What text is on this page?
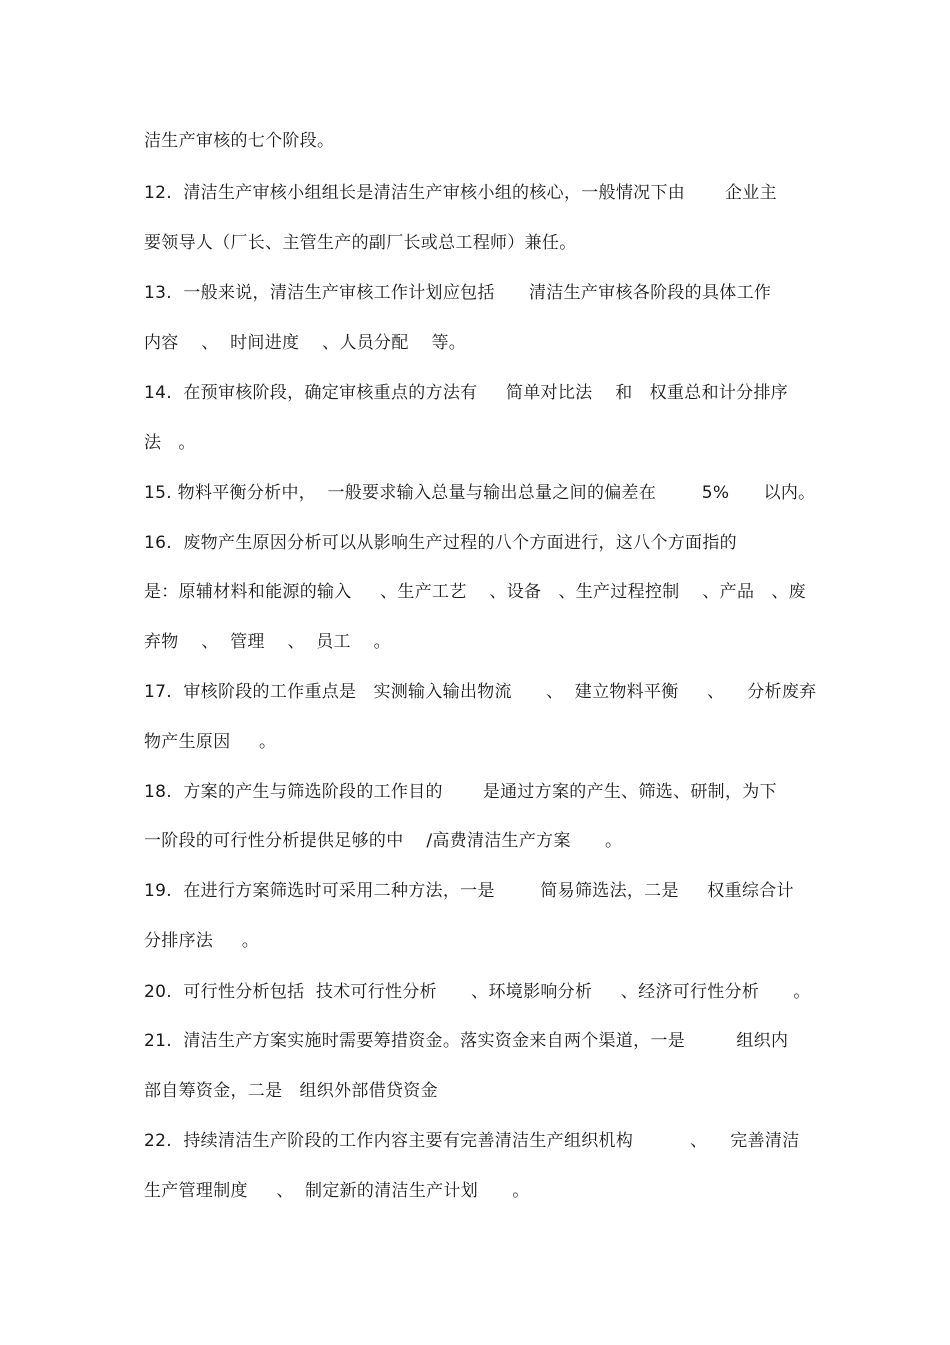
洁生产审核的七个阶段。
12.  清洁生产审核小组组长是清洁生产审核小组的核心，一般情况下由       企业主
要领导人（厂长、主管生产的副厂长或总工程师）兼任。
13.  一般来说，清洁生产审核工作计划应包括      清洁生产审核各阶段的具体工作
内容    、  时间进度    、人员分配    等。
14.  在预审核阶段，确定审核重点的方法有     简单对比法    和   权重总和计分排序
法   。
15. 物料平衡分析中，  一般要求输入总量与输出总量之间的偏差在        5%      以内。
16.  废物产生原因分析可以从影响生产过程的八个方面进行，这八个方面指的
是：原辅材料和能源的输入     、生产工艺    、设备   、生产过程控制    、产品   、废
弃物    、  管理    、  员工    。
17.  审核阶段的工作重点是   实测输入输出物流      、  建立物料平衡     、    分析废弃
物产生原因     。
18.  方案的产生与筛选阶段的工作目的       是通过方案的产生、筛选、研制，为下
一阶段的可行性分析提供足够的中    /高费清洁生产方案      。
19.  在进行方案筛选时可采用二种方法，一是        简易筛选法，二是     权重综合计
分排序法     。
20.  可行性分析包括  技术可行性分析      、环境影响分析     、经济可行性分析      。
21.  清洁生产方案实施时需要筹措资金。落实资金来自两个渠道，一是         组织内
部自筹资金，二是   组织外部借贷资金
22.  持续清洁生产阶段的工作内容主要有完善清洁生产组织机构          、    完善清洁
生产管理制度     、  制定新的清洁生产计划      。
